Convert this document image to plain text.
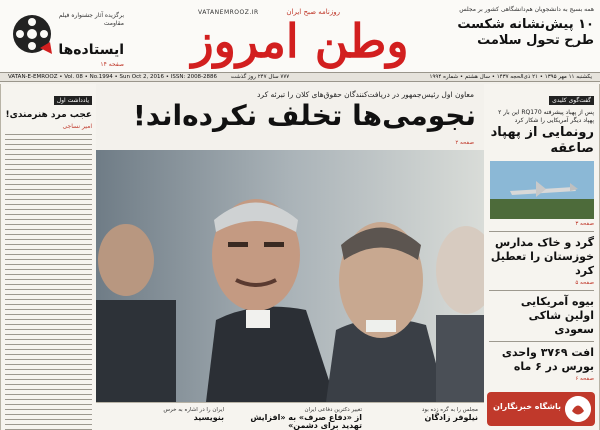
برگزیده آثار جشنواره فیلم مقاومت
ایستاده‌ها
صفحه ۱۴
روزنامه صبح ایران
VATANEMROOZ.IR
وطن امروز
همه بسیج به دانشجویان هم‌دانشگاهی کشور بر مجلس
۱۰ پیش‌نشانه شکست
طرح تحول سلامت
یکشنبه ۱۱ مهر ۱۳۹۵ • ۲۱ ذی‌الحجه ۱۴۳۷ • سال هشتم • شماره ۱۹۹۴
۷۷۷ سال ۲۴۷ روز گذشت
VATAN-E-EMROOZ • Vol. 08 • No.1994 • Sun Oct 2, 2016 • ISSN: 2008-2886
یادداشت اول
عجب مرد هنرمندی!
امیر نساجی
معاون اول رئیس‌جمهور در دریافت‌کنندگان حقوق‌های کلان را تبرئه کرد
نجومی‌ها تخلف نکرده‌اند!
صفحه ۲
مجلس را به گره زده بود
نیلوفر زادگان
تغییر دکترین دفاعی ایران
از «دفاع صرف» به «افزایش تهدید برای دشمن»
ایران را در اشاره به خرس
بنویسید
گفت‌گوی کلیدی
پس از پهباد پیشرفته RQ170 این بار ۲ پهپاد دیگر آمریکایی را شکار کرد
رونمایی از پهپاد صاعقه
صفحه ۳
گرد و خاک مدارس خوزستان را تعطیل کرد
صفحه ۵
بیوه آمریکایی اولین شاکی سعودی
افت ۳۷۶۹ واحدی بورس در ۶ ماه
صفحه ۶
باشگاه خبرنگاران
